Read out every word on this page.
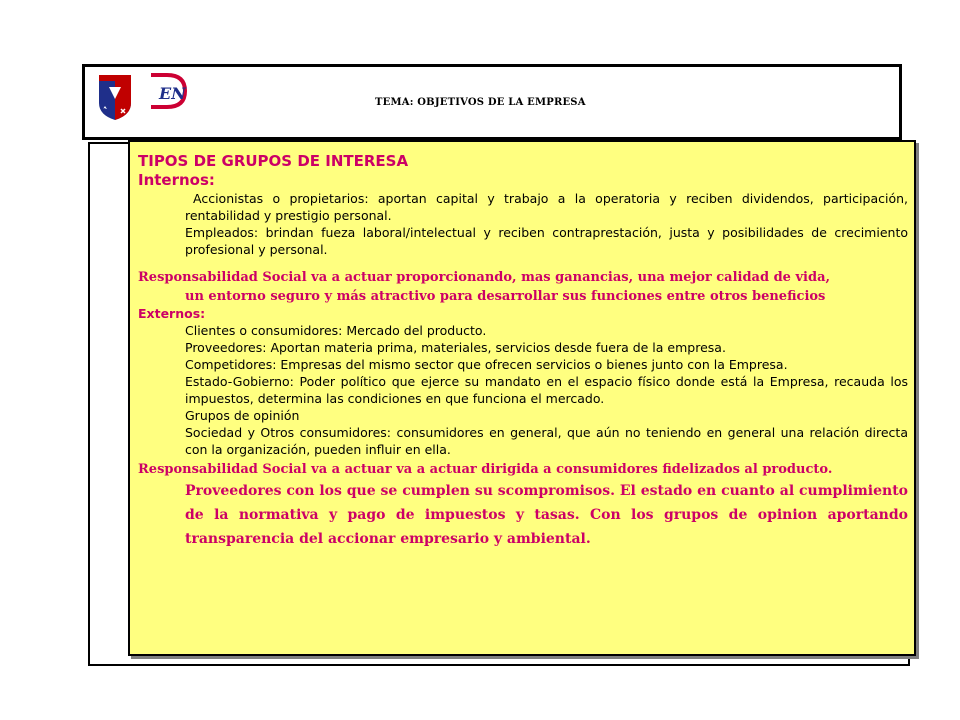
EN	TEMA: OBJETIVOS DE LA EMPRESA
TIPOS DE GRUPOS DE INTERESA
Internos:
Accionistas o propietarios: aportan capital y trabajo a la operatoria y reciben dividendos, participación, rentabilidad y prestigio personal.
Empleados: brindan fueza laboral/intelectual y reciben contraprestación, justa y posibilidades de crecimiento profesional y personal.
Responsabilidad Social va a actuar proporcionando, mas ganancias, una mejor calidad de vida,
un entorno seguro y más atractivo para desarrollar sus funciones entre otros beneficios
Externos:
Clientes o consumidores: Mercado del producto.
Proveedores: Aportan materia prima, materiales, servicios desde fuera de la empresa.
Competidores: Empresas del mismo sector que ofrecen servicios o bienes junto con la Empresa.
Estado-Gobierno: Poder político que ejerce su mandato en el espacio físico donde está la Empresa, recauda los impuestos, determina las condiciones en que funciona el mercado.
Grupos de opinión
Sociedad y Otros consumidores: consumidores en general, que aún no teniendo en general una relación directa con la organización, pueden influir en ella.
Responsabilidad Social va a actuar va a actuar dirigida a consumidores fidelizados al producto.
Proveedores con los que se cumplen su scompromisos. El estado en cuanto al cumplimiento de la normativa y pago de impuestos y tasas. Con los grupos de opinion aportando transparencia del accionar empresario y ambiental.
